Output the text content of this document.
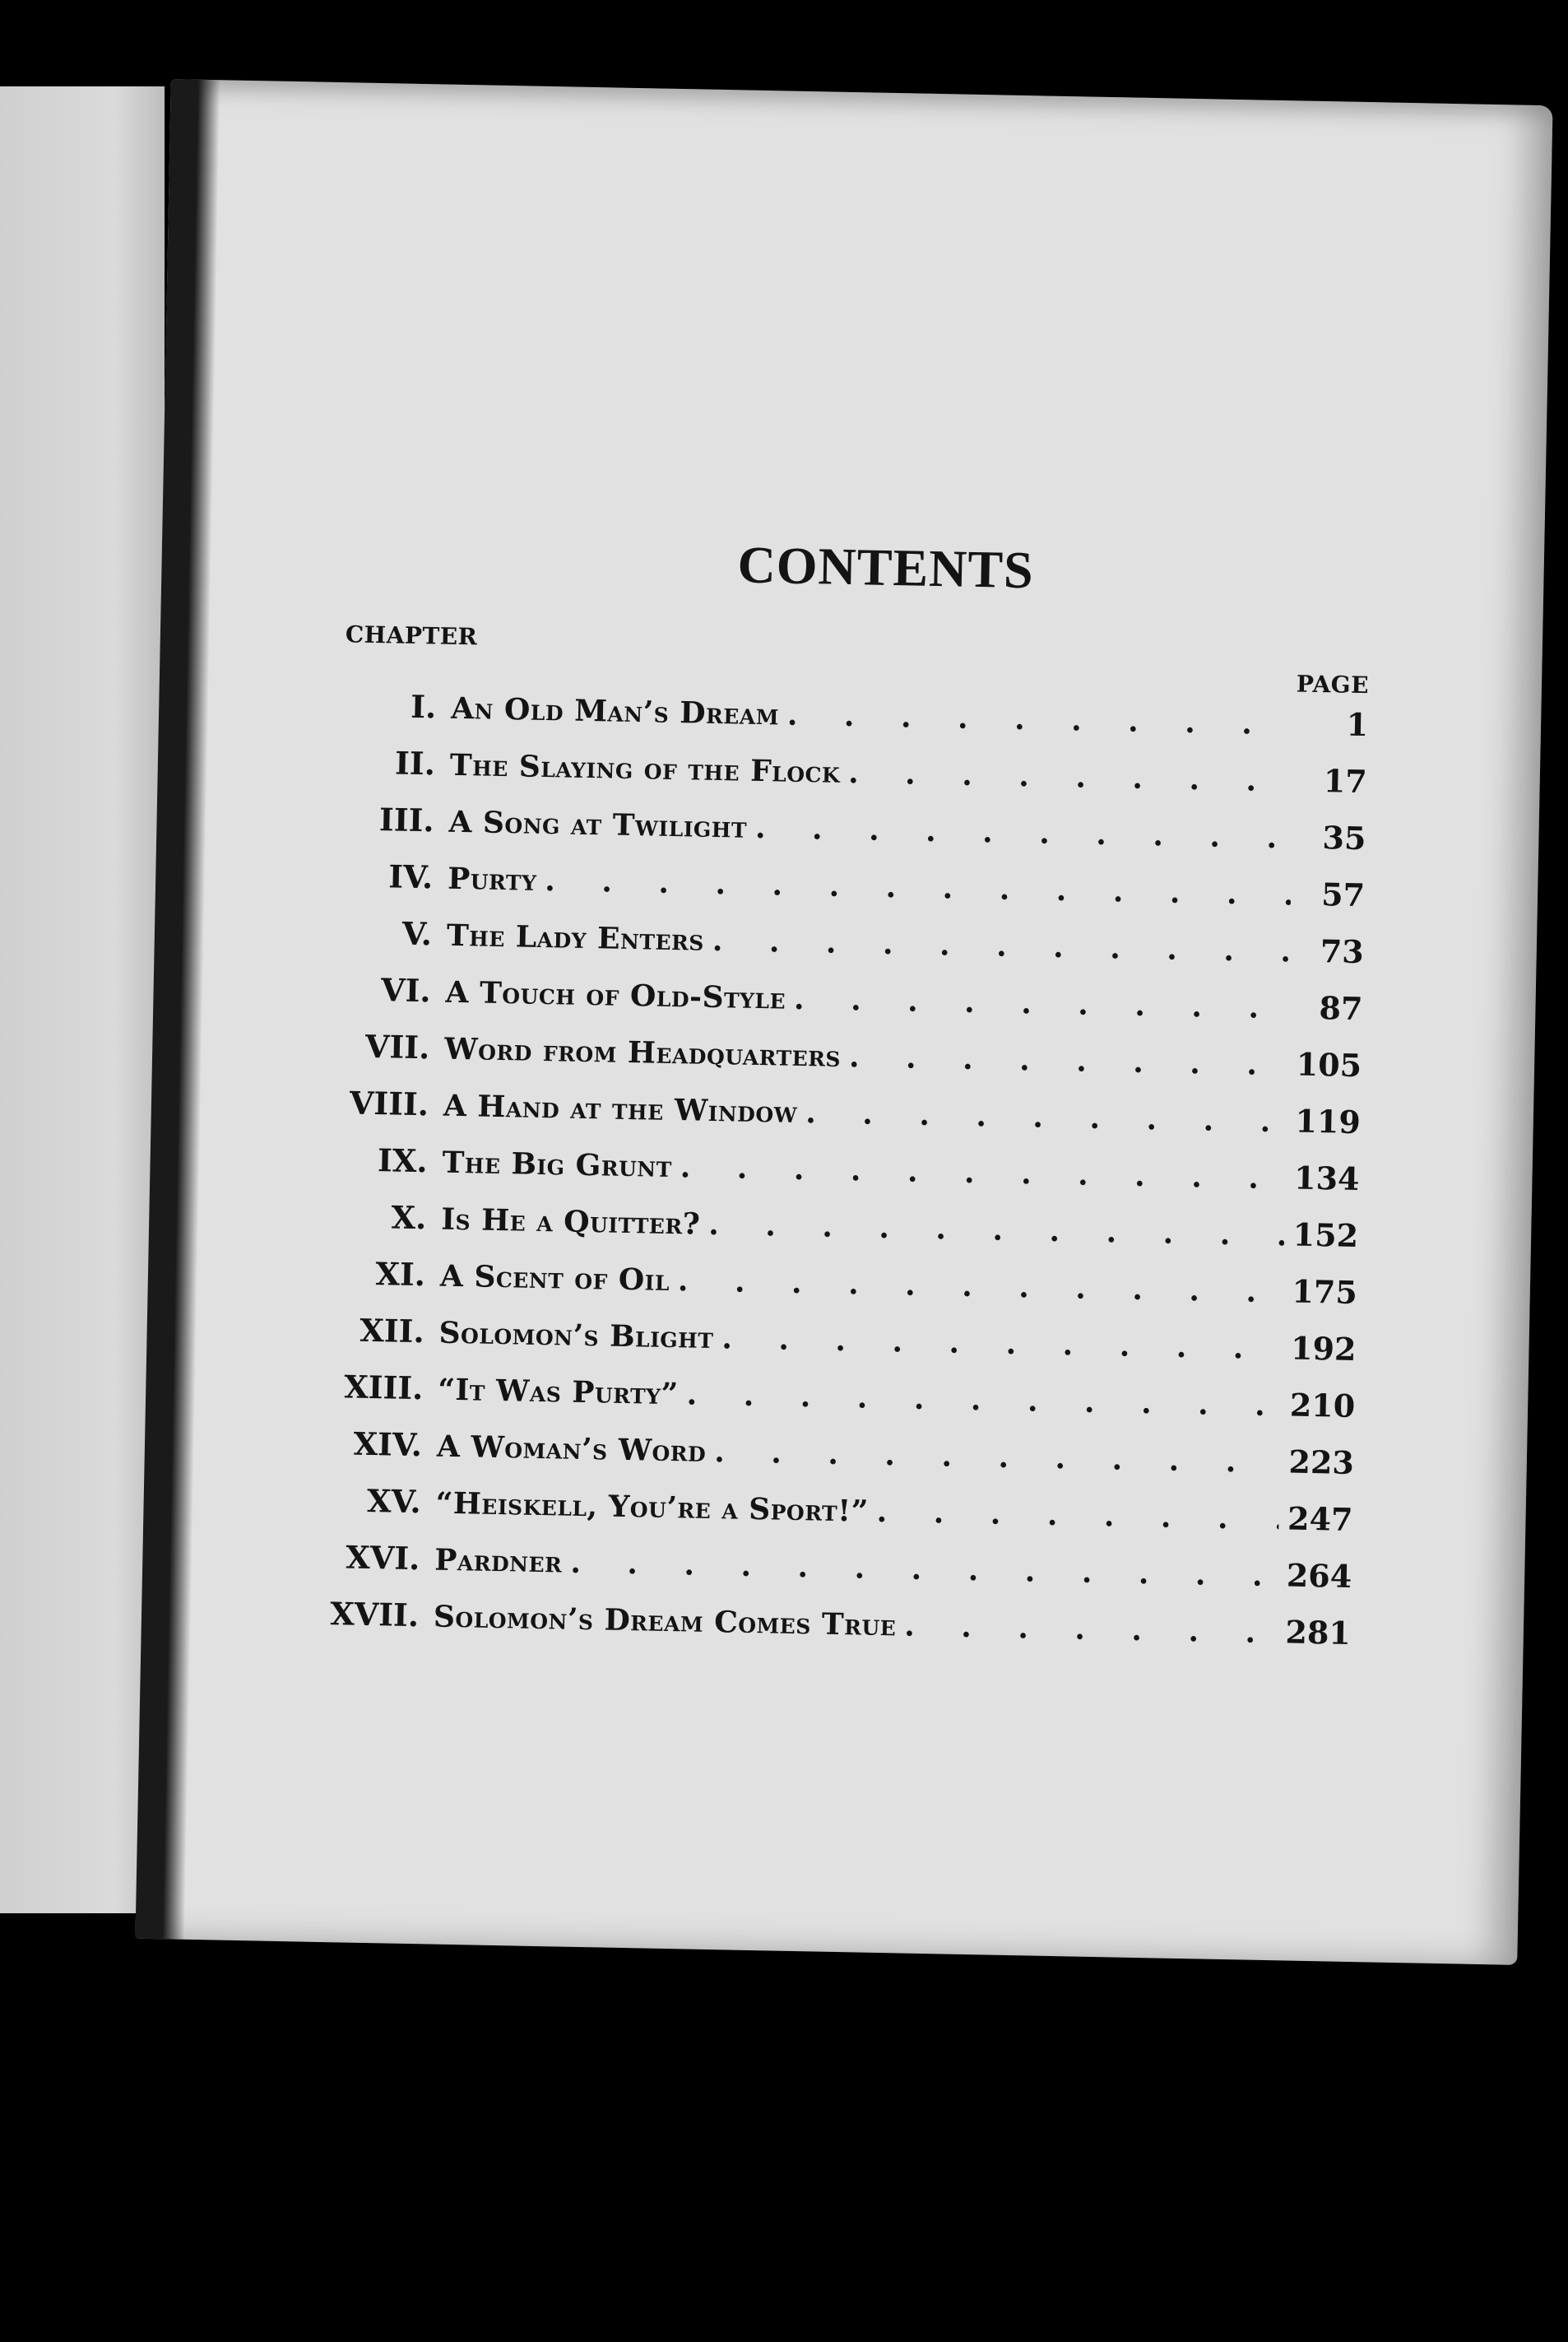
CONTENTS
CHAPTER
PAGE
I. An Old Man’s Dream . . .	1
II. The Slaying of the Flock . . .	17
III. A Song at Twilight . . .	35
IV. Purty . . .	57
V. The Lady Enters . . .	73
VI. A Touch of Old-Style . . .	87
VII. Word from Headquarters . . .	105
VIII. A Hand at the Window . . .	119
IX. The Big Grunt . . .	134
X. Is He a Quitter? . . .	152
XI. A Scent of Oil . . .	175
XII. Solomon’s Blight . . .	192
XIII. “It Was Purty” . . .	210
XIV. A Woman’s Word . . .	223
XV. “Heiskell, You’re a Sport!” . . .	247
XVI. Pardner . . .	264
XVII. Solomon’s Dream Comes True . . .	281
